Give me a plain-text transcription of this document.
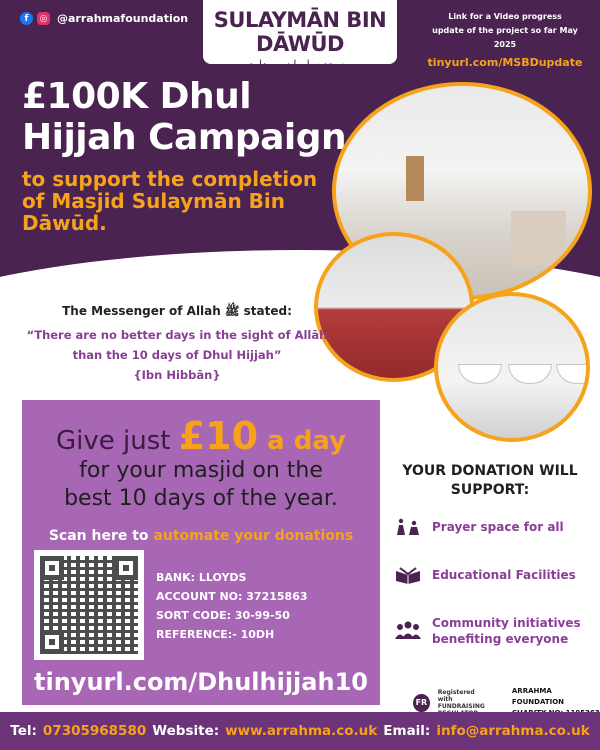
f	◎ @arrahmafoundation	SULAYMĀN BIN DĀWŪD
مسجد سليمان بن داود
Link for a Video progress
update of the project so far May 2025
tinyurl.com/MSBDupdate
£100K Dhul Hijjah Campaign
to support the completion of Masjid Sulaymān Bin Dāwūd.
The Messenger of Allah ﷺ stated:
“There are no better days in the sight of Allāh than the 10 days of Dhul Hijjah”
{Ibn Hibbān}
Give just £10 a day
for your masjid on the
best 10 days of the year.
Scan here to automate your donations
BANK: LLOYDS
ACCOUNT NO: 37215863
SORT CODE: 30-99-50
REFERENCE:- 10DH
tinyurl.com/Dhulhijjah10
YOUR DONATION WILL SUPPORT:
Prayer space for all
Educational Facilities
Community initiatives benefiting everyone
FR
Registered with
FUNDRAISING
ARRAHMA FOUNDATION
Tel: 07305968580 Website: www.arrahma.co.uk Email: info@arrahma.co.uk
